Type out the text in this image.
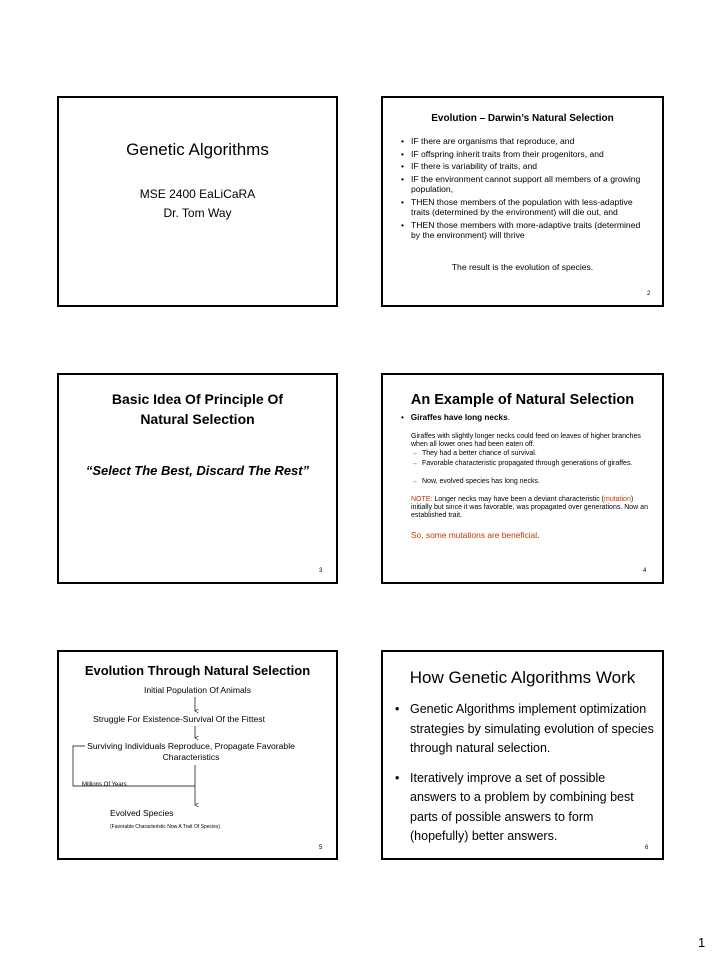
Genetic Algorithms
MSE 2400 EaLiCaRA
Dr. Tom Way
Evolution – Darwin’s Natural Selection
• IF there are organisms that reproduce, and
• IF offspring inherit traits from their progenitors, and
• IF there is variability of traits, and
• IF the environment cannot support all members of a growing population,
• THEN those members of the population with less-adaptive traits (determined by the environment) will die out, and
• THEN those members with more-adaptive traits (determined by the environment) will thrive
The result is the evolution of species.
2
Basic Idea Of Principle Of
Natural Selection
“Select The Best, Discard The Rest”
3
An Example of Natural Selection
• Giraffes have long necks.
Giraffes with slightly longer necks could feed on leaves of higher branches when all lower ones had been eaten off.
→ They had a better chance of survival.
→ Favorable characteristic propagated through generations of giraffes.
→ Now, evolved species has long necks.
NOTE: Longer necks may have been a deviant characteristic (mutation) initially but since it was favorable, was propagated over generations. Now an established trait.
So, some mutations are beneficial.
4
Evolution Through Natural Selection
Initial Population Of Animals
Struggle For Existence-Survival Of the Fittest
Surviving Individuals Reproduce, Propagate Favorable
Characteristics
Millions Of Years
Evolved Species
(Favorable Characteristic Now A Trait Of Species)
5
How Genetic Algorithms Work
• Genetic Algorithms implement optimization strategies by simulating evolution of species through natural selection.
• Iteratively improve a set of possible answers to a problem by combining best parts of possible answers to form (hopefully) better answers.
6
1
